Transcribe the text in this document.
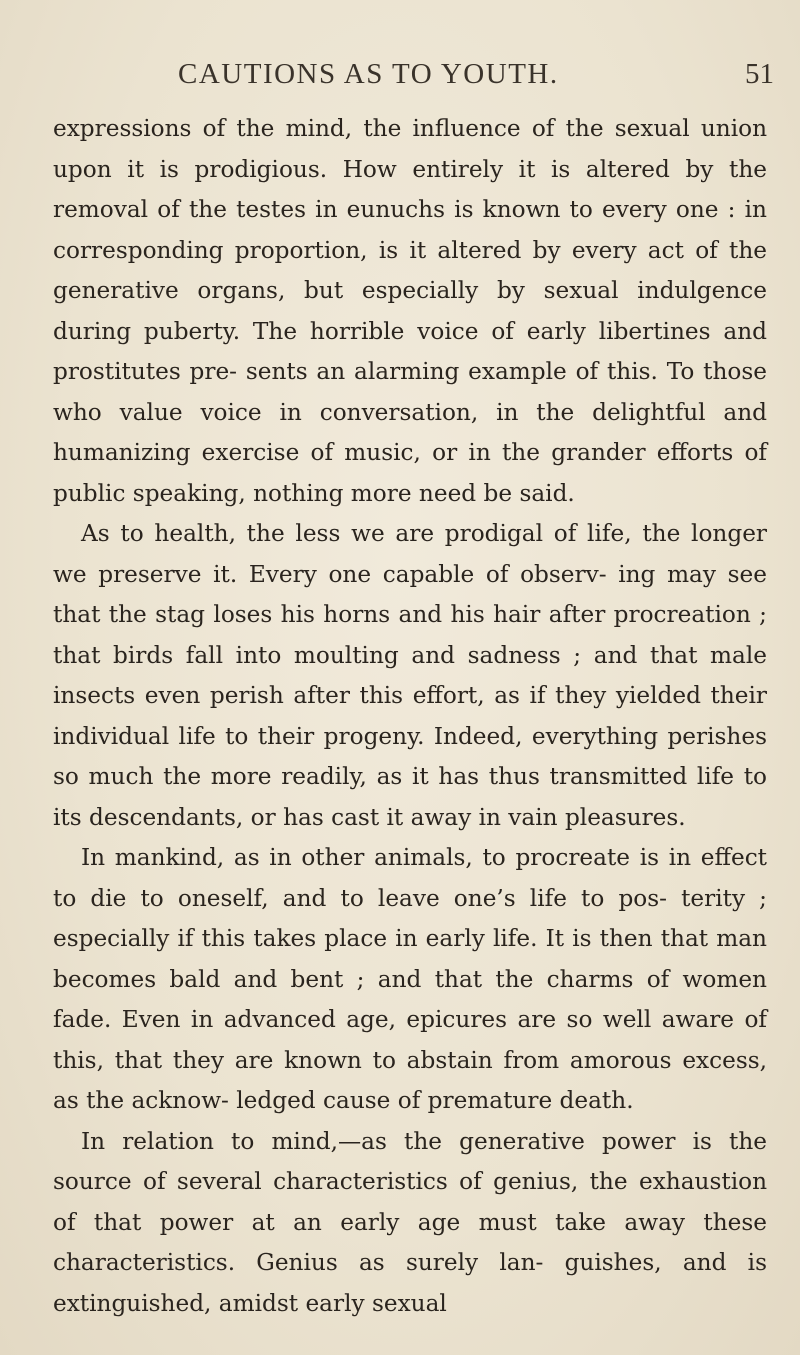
CAUTIONS AS TO YOUTH.	51

expressions of the mind, the influence of the sexual union upon it is prodigious. How entirely it is altered by the removal of the testes in eunuchs is known to every one : in corresponding proportion, is it altered by every act of the generative organs, but especially by sexual indulgence during puberty. The horrible voice of early libertines and prostitutes pre- sents an alarming example of this. To those who value voice in conversation, in the delightful and humanizing exercise of music, or in the grander efforts of public speaking, nothing more need be said.

As to health, the less we are prodigal of life, the longer we preserve it. Every one capable of observ- ing may see that the stag loses his horns and his hair after procreation ; that birds fall into moulting and sadness ; and that male insects even perish after this effort, as if they yielded their individual life to their progeny. Indeed, everything perishes so much the more readily, as it has thus transmitted life to its descendants, or has cast it away in vain pleasures.

In mankind, as in other animals, to procreate is in effect to die to oneself, and to leave one’s life to pos- terity ; especially if this takes place in early life. It is then that man becomes bald and bent ; and that the charms of women fade. Even in advanced age, epicures are so well aware of this, that they are known to abstain from amorous excess, as the acknow- ledged cause of premature death.

In relation to mind,—as the generative power is the source of several characteristics of genius, the exhaustion of that power at an early age must take away these characteristics. Genius as surely lan- guishes, and is extinguished, amidst early sexual
